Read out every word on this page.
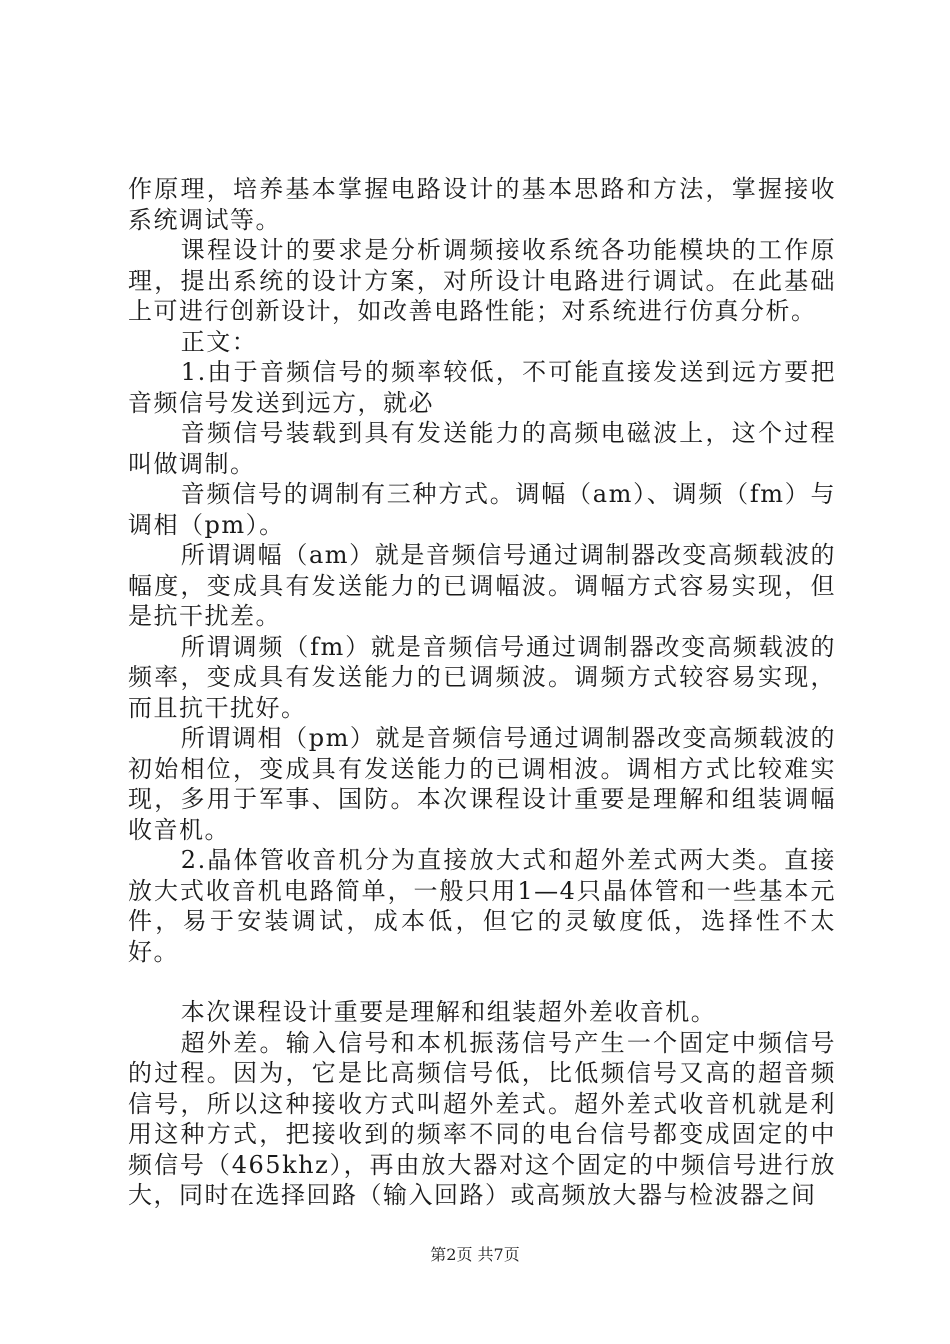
作原理，培养基本掌握电路设计的基本思路和方法，掌握接收系统调试等。

课程设计的要求是分析调频接收系统各功能模块的工作原理，提出系统的设计方案，对所设计电路进行调试。在此基础上可进行创新设计，如改善电路性能；对系统进行仿真分析。

正文：

1.由于音频信号的频率较低，不可能直接发送到远方要把音频信号发送到远方，就必

音频信号装载到具有发送能力的高频电磁波上，这个过程叫做调制。

音频信号的调制有三种方式。调幅（am）、调频（fm）与调相（pm）。

所谓调幅（am）就是音频信号通过调制器改变高频载波的幅度，变成具有发送能力的已调幅波。调幅方式容易实现，但是抗干扰差。

所谓调频（fm）就是音频信号通过调制器改变高频载波的频率，变成具有发送能力的已调频波。调频方式较容易实现，而且抗干扰好。

所谓调相（pm）就是音频信号通过调制器改变高频载波的初始相位，变成具有发送能力的已调相波。调相方式比较难实现，多用于军事、国防。本次课程设计重要是理解和组装调幅收音机。

2.晶体管收音机分为直接放大式和超外差式两大类。直接放大式收音机电路简单，一般只用1—4只晶体管和一些基本元件，易于安装调试，成本低，但它的灵敏度低，选择性不太好。

本次课程设计重要是理解和组装超外差收音机。

超外差。输入信号和本机振荡信号产生一个固定中频信号的过程。因为，它是比高频信号低，比低频信号又高的超音频信号，所以这种接收方式叫超外差式。超外差式收音机就是利用这种方式，把接收到的频率不同的电台信号都变成固定的中频信号（465khz），再由放大器对这个固定的中频信号进行放大，同时在选择回路（输入回路）或高频放大器与检波器之间

第2页 共7页
